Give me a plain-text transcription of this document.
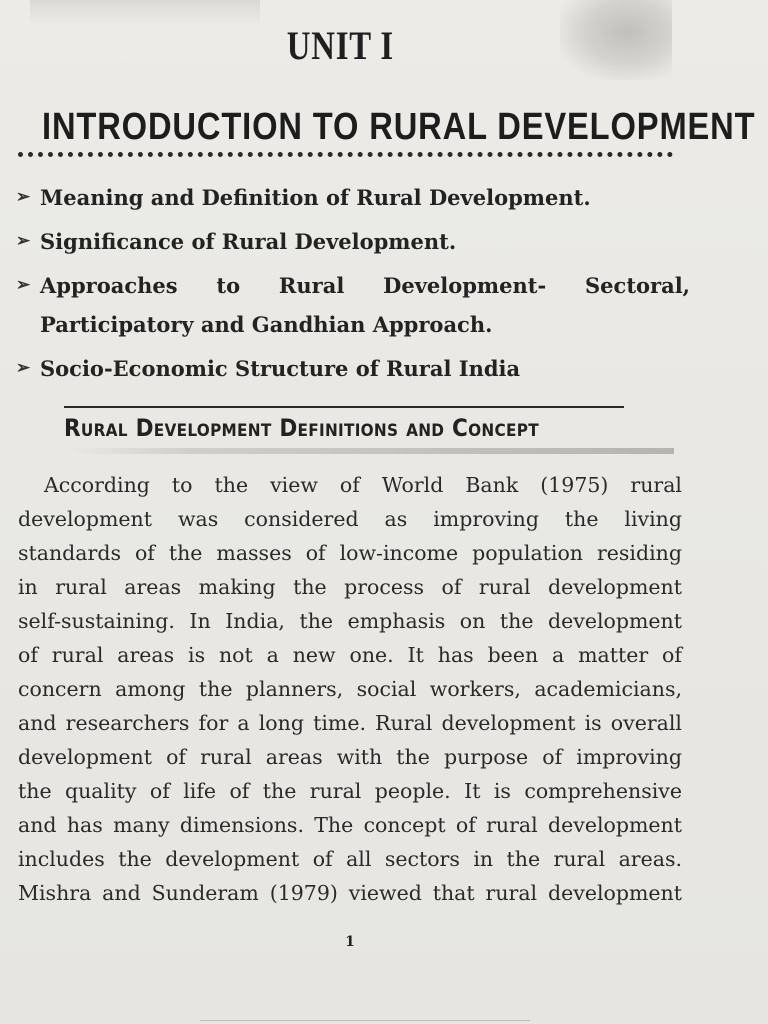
UNIT I
INTRODUCTION TO RURAL DEVELOPMENT
➢ Meaning and Definition of Rural Development.
➢ Significance of Rural Development.
➢ Approaches to Rural Development- Sectoral, Participatory and Gandhian Approach.
➢ Socio-Economic Structure of Rural India
Rural Development Definitions and Concept
According to the view of World Bank (1975) rural
development was considered as improving the living
standards of the masses of low-income population residing
in rural areas making the process of rural development
self-sustaining. In India, the emphasis on the development
of rural areas is not a new one. It has been a matter of
concern among the planners, social workers, academicians,
and researchers for a long time. Rural development is overall
development of rural areas with the purpose of improving
the quality of life of the rural people. It is comprehensive
and has many dimensions. The concept of rural development
includes the development of all sectors in the rural areas.
Mishra and Sunderam (1979) viewed that rural development
1
